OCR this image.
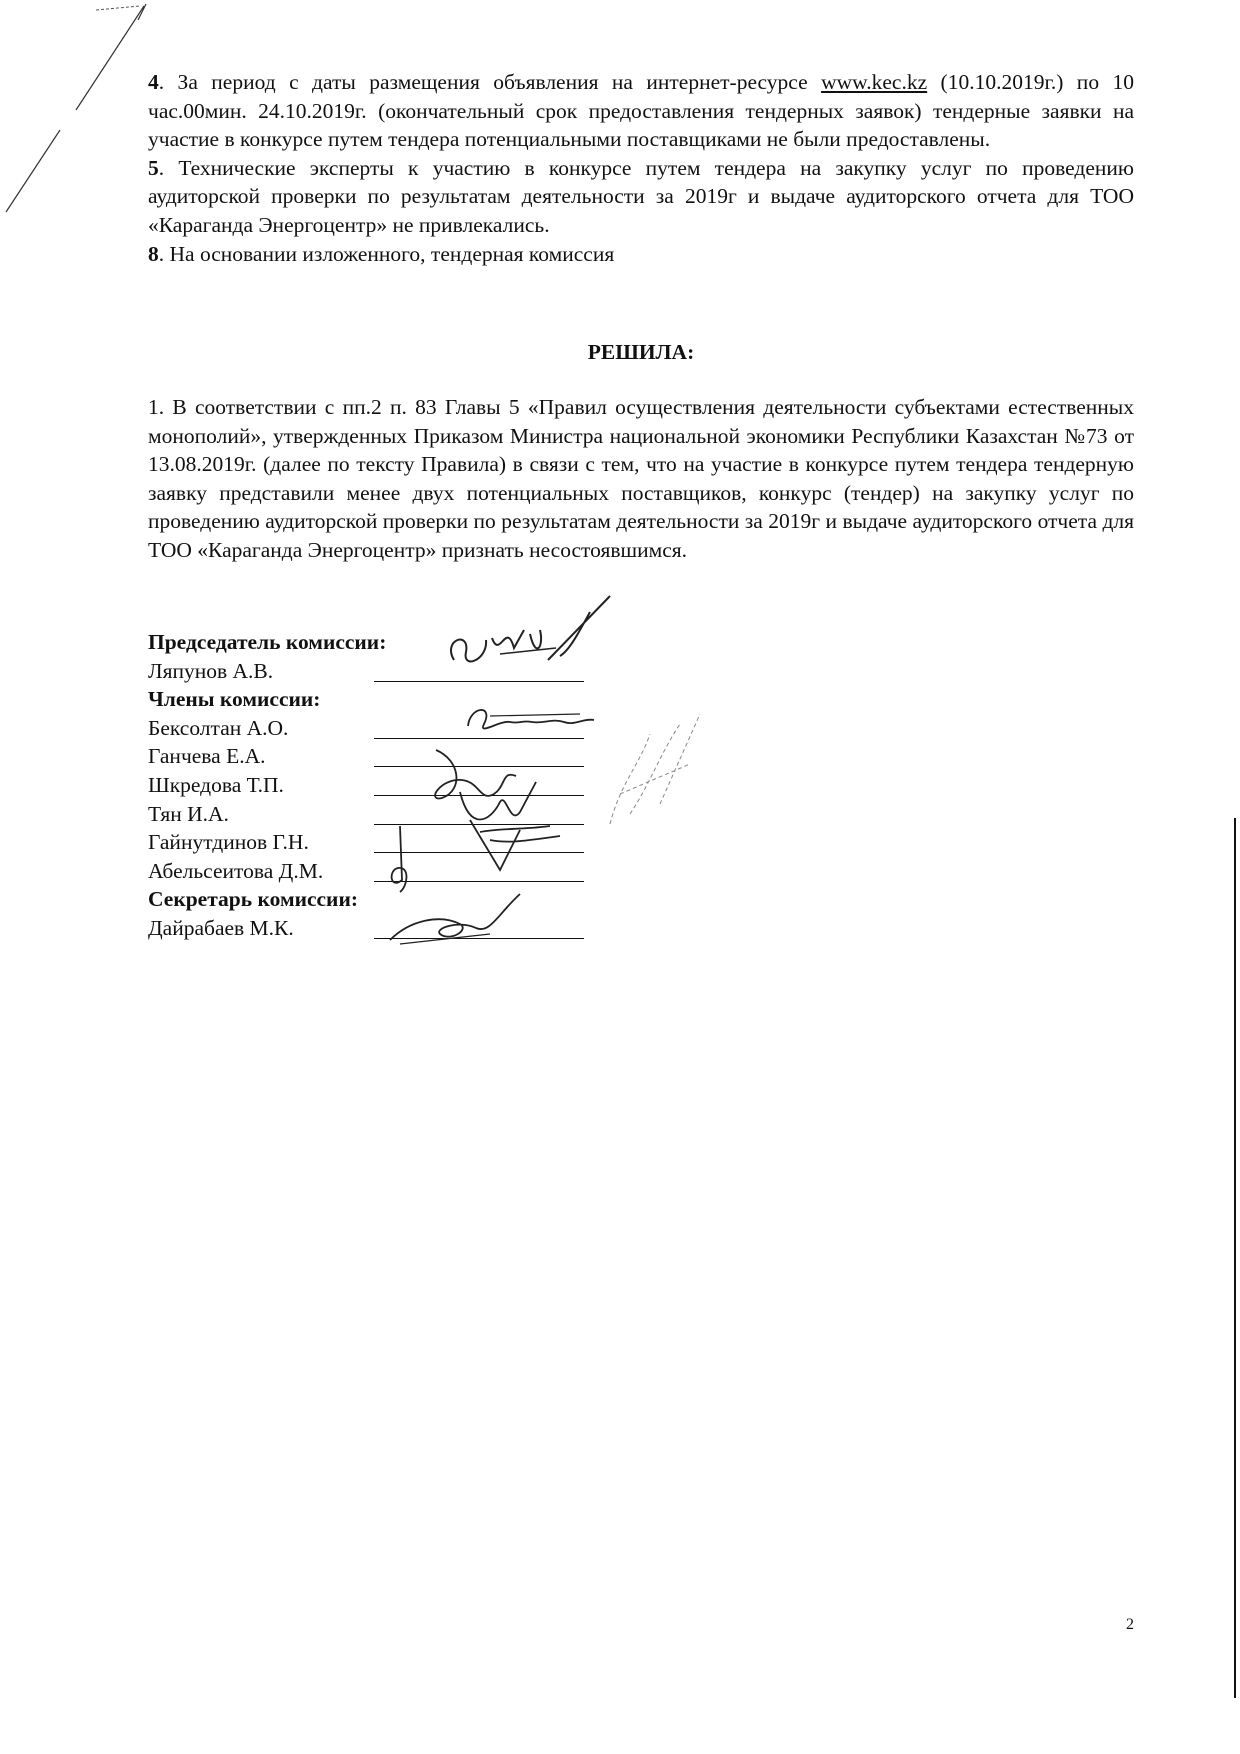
4. За период с даты размещения объявления на интернет-ресурсе www.kec.kz (10.10.2019г.) по 10 час.00мин. 24.10.2019г. (окончательный срок предоставления тендерных заявок) тендерные заявки на участие в конкурсе путем тендера потенциальными поставщиками не были предоставлены.

5. Технические эксперты к участию в конкурсе путем тендера на закупку услуг по проведению аудиторской проверки по результатам деятельности за 2019г и выдаче аудиторского отчета для ТОО «Караганда Энергоцентр» не привлекались.

8. На основании изложенного, тендерная комиссия

РЕШИЛА:

1. В соответствии с пп.2 п. 83 Главы 5 «Правил осуществления деятельности субъектами естественных монополий», утвержденных Приказом Министра национальной экономики Республики Казахстан №73 от 13.08.2019г. (далее по тексту Правила) в связи с тем, что на участие в конкурсе путем тендера тендерную заявку представили менее двух потенциальных поставщиков, конкурс (тендер) на закупку услуг по проведению аудиторской проверки по результатам деятельности за 2019г и выдаче аудиторского отчета для ТОО «Караганда Энергоцентр» признать несостоявшимся.

Председатель комиссии:
Ляпунов А.В.
Члены комиссии:
Бексолтан А.О.
Ганчева Е.А.
Шкредова Т.П.
Тян И.А.
Гайнутдинов Г.Н.
Абельсеитова Д.М.
Секретарь комиссии:
Дайрабаев М.К.
2
